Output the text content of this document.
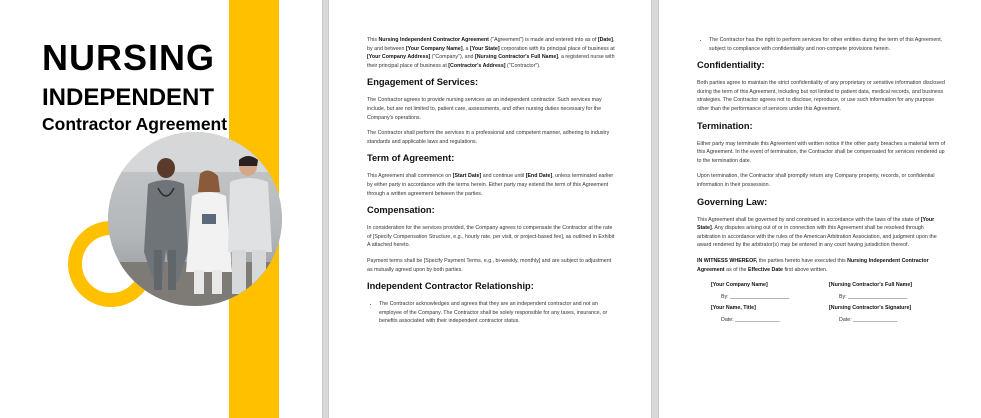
NURSING
INDEPENDENT
Contractor Agreement

This Nursing Independent Contractor Agreement ("Agreement") is made and entered into as of [Date], by and between [Your Company Name], a [Your State] corporation with its principal place of business at [Your Company Address] ("Company"), and [Nursing Contractor's Full Name], a registered nurse with their principal place of business at [Contractor's Address] ("Contractor").

Engagement of Services:

The Contractor agrees to provide nursing services as an independent contractor. Such services may include, but are not limited to, patient care, assessments, and other nursing duties necessary for the Company's operations.

The Contractor shall perform the services in a professional and competent manner, adhering to industry standards and applicable laws and regulations.

Term of Agreement:

This Agreement shall commence on [Start Date] and continue until [End Date], unless terminated earlier by either party in accordance with the terms herein. Either party may extend the term of this Agreement through a written agreement between the parties.

Compensation:

In consideration for the services provided, the Company agrees to compensate the Contractor at the rate of [Specify Compensation Structure, e.g., hourly rate, per visit, or project-based fee], as outlined in Exhibit A attached hereto.

Payment terms shall be [Specify Payment Terms, e.g., bi-weekly, monthly] and are subject to adjustment as mutually agreed upon by both parties.

Independent Contractor Relationship:
• The Contractor acknowledges and agrees that they are an independent contractor and not an employee of the Company. The Contractor shall be solely responsible for any taxes, insurance, or benefits associated with their independent contractor status.
• The Contractor has the right to perform services for other entities during the term of this Agreement, subject to compliance with confidentiality and non-compete provisions herein.
Confidentiality:

Both parties agree to maintain the strict confidentiality of any proprietary or sensitive information disclosed during the term of this Agreement, including but not limited to patient data, medical records, and business strategies. The Contractor agrees not to disclose, reproduce, or use such information for any purpose other than the performance of services under this Agreement.

Termination:

Either party may terminate this Agreement with written notice if the other party breaches a material term of this Agreement. In the event of termination, the Contractor shall be compensated for services rendered up to the termination date.

Upon termination, the Contractor shall promptly return any Company property, records, or confidential information in their possession.

Governing Law:

This Agreement shall be governed by and construed in accordance with the laws of the state of [Your State]. Any disputes arising out of or in connection with this Agreement shall be resolved through arbitration in accordance with the rules of the American Arbitration Association, and judgment upon the award rendered by the arbitrator(s) may be entered in any court having jurisdiction thereof.

IN WITNESS WHEREOF, the parties hereto have executed this Nursing Independent Contractor Agreement as of the Effective Date first above written.

[Your Company Name]
By: ____________________
[Your Name, Title]
Date: _______________
[Nursing Contractor's Full Name]
By: ____________________
[Nursing Contractor's Signature]
Date: _______________
